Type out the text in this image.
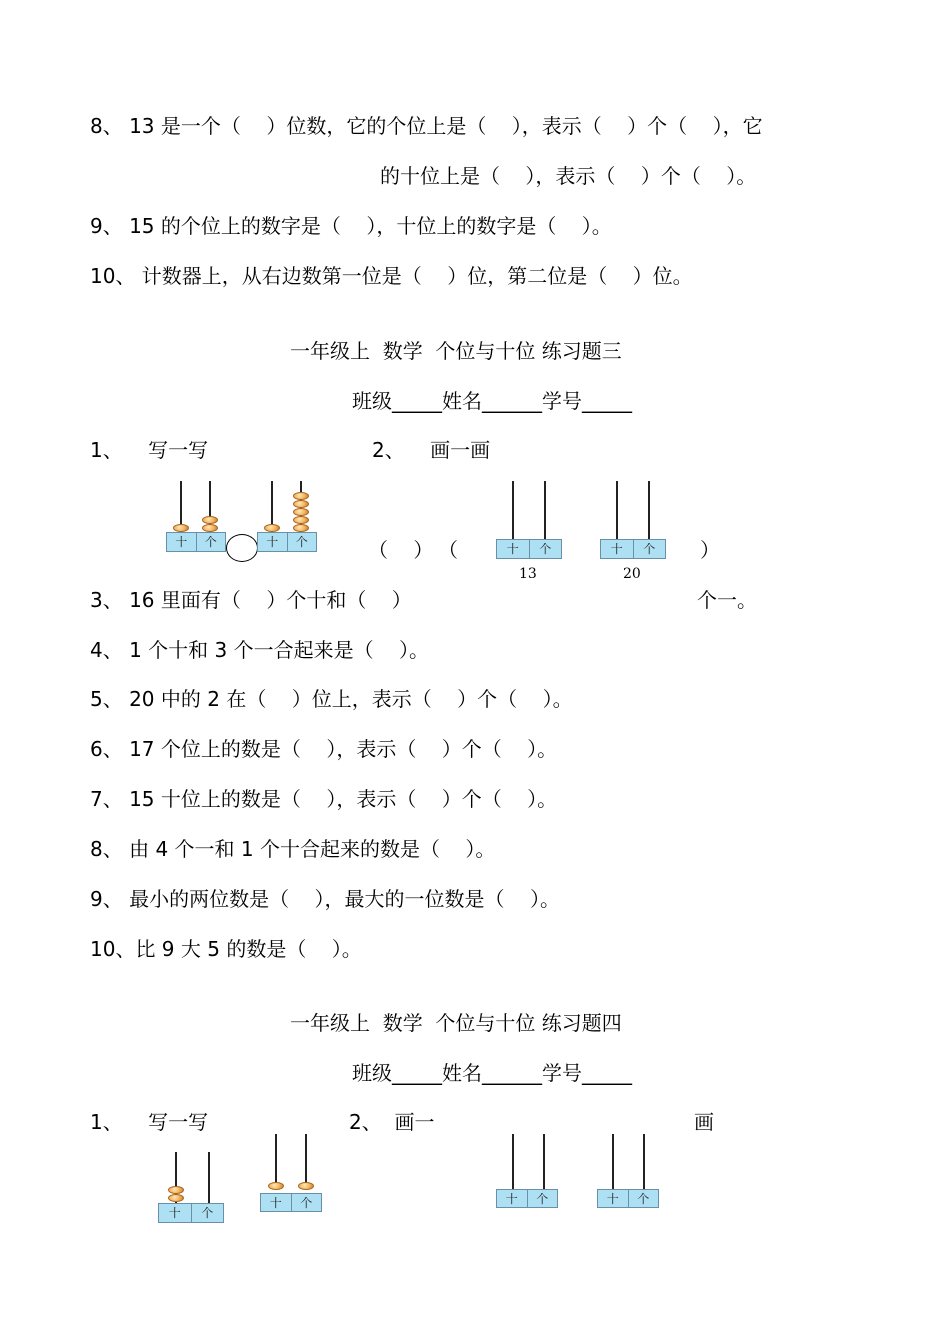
8、 13 是一个（    ）位数，它的个位上是（    ），表示（    ）个（    ），它
的十位上是（    ），表示（    ）个（    ）。
9、 15 的个位上的数字是（    ），十位上的数字是（    ）。
10、 计数器上，从右边数第一位是（    ）位，第二位是（    ）位。
一年级上  数学  个位与十位 练习题三
班级_____姓名______学号_____
1、    写一写	2、    画一画
十	个	十	个	（    ） （	十	个
13
十	个
20
）
3、 16 里面有（    ）个十和（    ）	个一。
4、 1 个十和 3 个一合起来是（    ）。
5、 20 中的 2 在（    ）位上，表示（    ）个（    ）。
6、 17 个位上的数是（    ），表示（    ）个（    ）。
7、 15 十位上的数是（    ），表示（    ）个（    ）。
8、 由 4 个一和 1 个十合起来的数是（    ）。
9、 最小的两位数是（    ），最大的一位数是（    ）。
10、比 9 大 5 的数是（    ）。
一年级上  数学  个位与十位 练习题四
班级_____姓名______学号_____
1、    写一写	2、  画一	画
十	个
十	个	十	个	十	个
